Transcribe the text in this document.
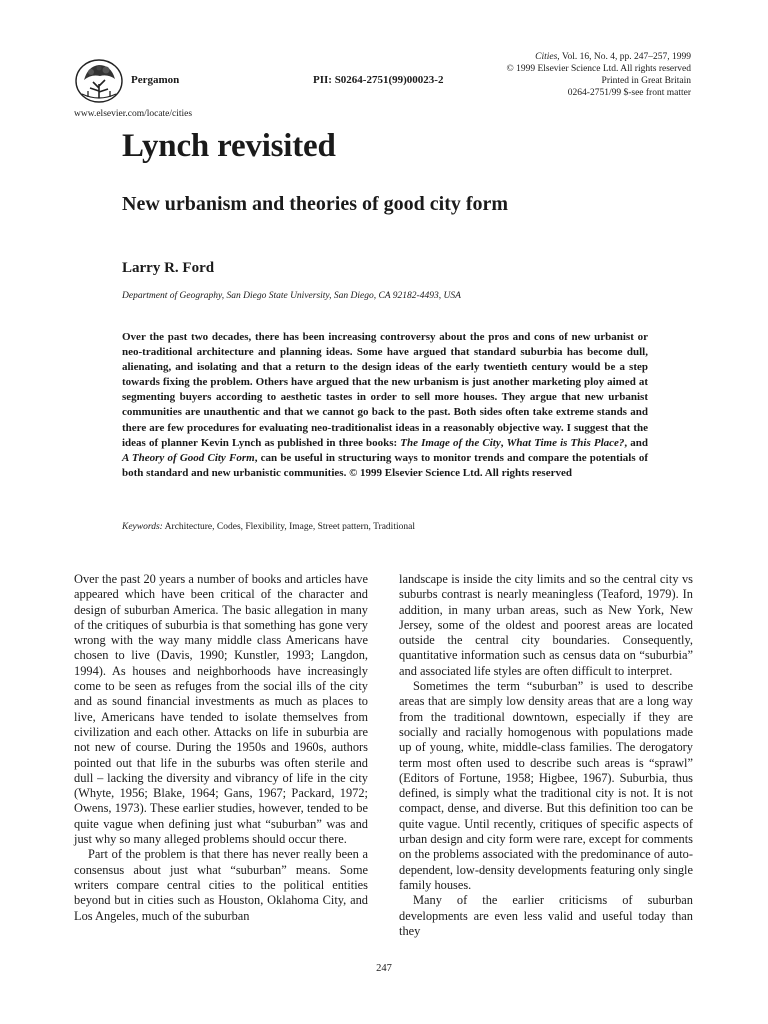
Pergamon	PII: S0264-2751(99)00023-2
Cities, Vol. 16, No. 4, pp. 247–257, 1999
© 1999 Elsevier Science Ltd. All rights reserved
Printed in Great Britain
0264-2751/99 $-see front matter
www.elsevier.com/locate/cities
Lynch revisited
New urbanism and theories of good city form
Larry R. Ford
Department of Geography, San Diego State University, San Diego, CA 92182-4493, USA

Over the past two decades, there has been increasing controversy about the pros and cons of new urbanist or neo-traditional architecture and planning ideas. Some have argued that standard suburbia has become dull, alienating, and isolating and that a return to the design ideas of the early twentieth century would be a step towards fixing the problem. Others have argued that the new urbanism is just another marketing ploy aimed at segmenting buyers according to aesthetic tastes in order to sell more houses. They argue that new urbanist communities are unauthentic and that we cannot go back to the past. Both sides often take extreme stands and there are few procedures for evaluating neo-traditionalist ideas in a reasonably objective way. I suggest that the ideas of planner Kevin Lynch as published in three books: The Image of the City, What Time is This Place?, and A Theory of Good City Form, can be useful in structuring ways to monitor trends and compare the potentials of both standard and new urbanistic communities. © 1999 Elsevier Science Ltd. All rights reserved

Keywords: Architecture, Codes, Flexibility, Image, Street pattern, Traditional

Over the past 20 years a number of books and articles have appeared which have been critical of the character and design of suburban America. The basic allegation in many of the critiques of suburbia is that something has gone very wrong with the way many middle class Americans have chosen to live (Davis, 1990; Kunstler, 1993; Langdon, 1994). As houses and neighborhoods have increasingly come to be seen as refuges from the social ills of the city and as sound financial investments as much as places to live, Americans have tended to isolate themselves from civilization and each other. Attacks on life in suburbia are not new of course. During the 1950s and 1960s, authors pointed out that life in the suburbs was often sterile and dull – lacking the diversity and vibrancy of life in the city (Whyte, 1956; Blake, 1964; Gans, 1967; Packard, 1972; Owens, 1973). These earlier studies, however, tended to be quite vague when defining just what “suburban” was and just why so many alleged problems should occur there.

Part of the problem is that there has never really been a consensus about just what “suburban” means. Some writers compare central cities to the political entities beyond but in cities such as Houston, Oklahoma City, and Los Angeles, much of the suburban

landscape is inside the city limits and so the central city vs suburbs contrast is nearly meaningless (Teaford, 1979). In addition, in many urban areas, such as New York, New Jersey, some of the oldest and poorest areas are located outside the central city boundaries. Consequently, quantitative information such as census data on “suburbia” and associated life styles are often difficult to interpret.

Sometimes the term “suburban” is used to describe areas that are simply low density areas that are a long way from the traditional downtown, especially if they are socially and racially homogenous with populations made up of young, white, middle-class families. The derogatory term most often used to describe such areas is “sprawl” (Editors of Fortune, 1958; Higbee, 1967). Suburbia, thus defined, is simply what the traditional city is not. It is not compact, dense, and diverse. But this definition too can be quite vague. Until recently, critiques of specific aspects of urban design and city form were rare, except for comments on the problems associated with the predominance of auto-dependent, low-density developments featuring only single family houses.

Many of the earlier criticisms of suburban developments are even less valid and useful today than they

247
